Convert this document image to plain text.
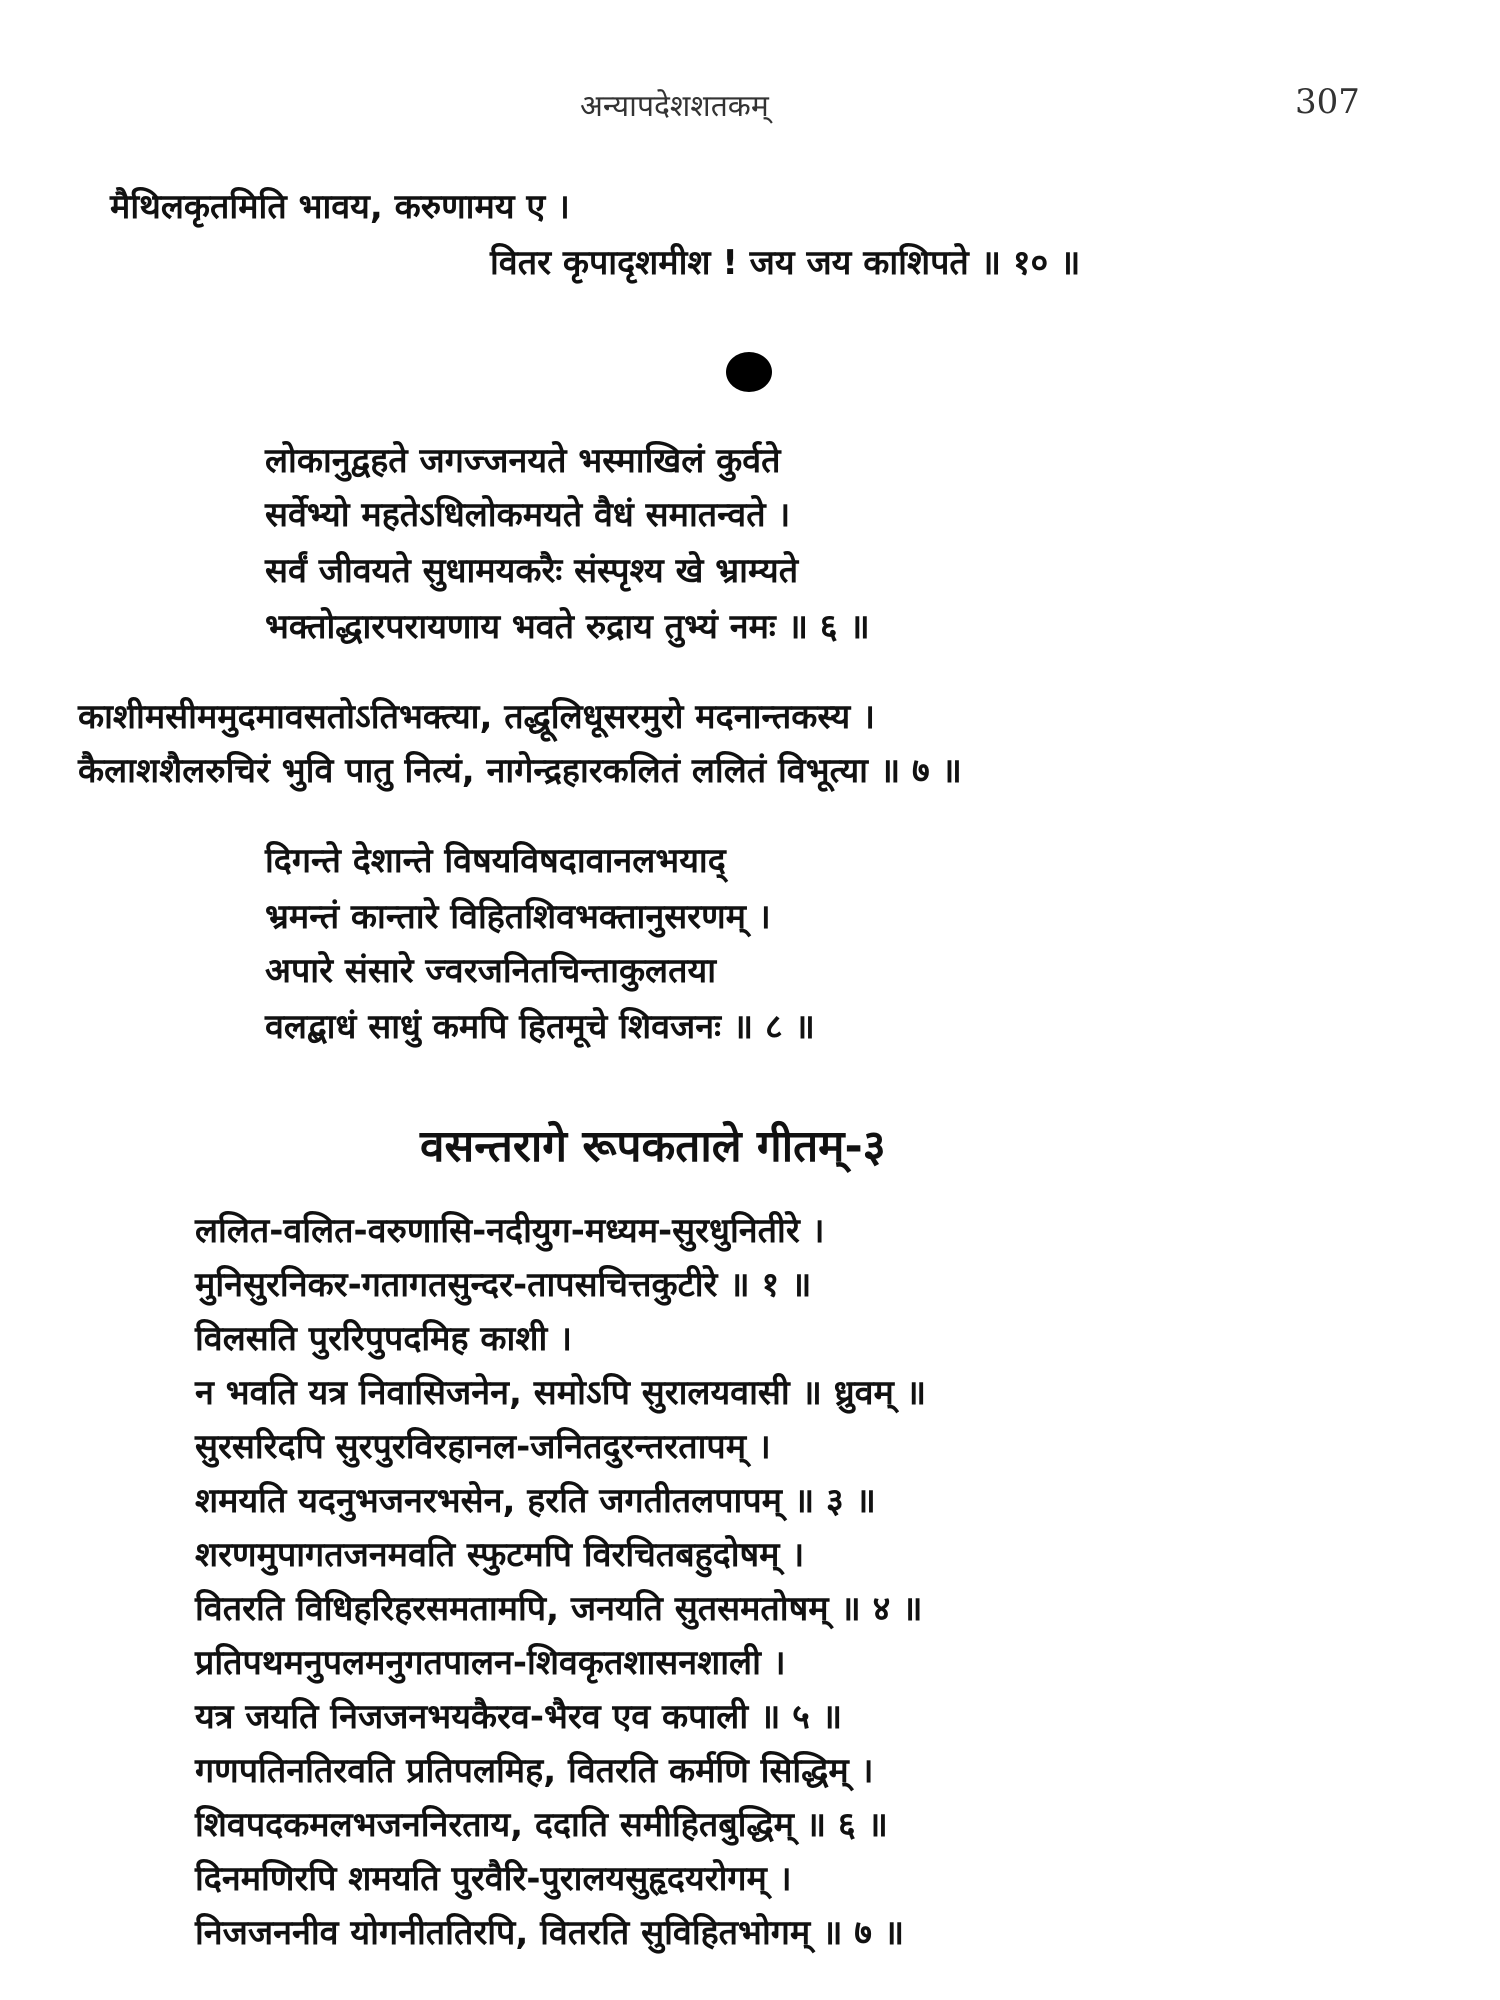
अन्यापदेशशतकम्	307
मैथिलकृतमिति भावय, करुणामय ए ।
वितर कृपादृशमीश ! जय जय काशिपते ॥ १० ॥
लोकानुद्वहते जगज्जनयते भस्माखिलं कुर्वते
सर्वेभ्यो महतेऽधिलोकमयते वैधं समातन्वते ।
सर्वं जीवयते सुधामयकरैः संस्पृश्य खे भ्राम्यते
भक्तोद्धारपरायणाय भवते रुद्राय तुभ्यं नमः ॥ ६ ॥
काशीमसीममुदमावसतोऽतिभक्त्या, तद्धूलिधूसरमुरो मदनान्तकस्य ।
कैलाशशैलरुचिरं भुवि पातु नित्यं, नागेन्द्रहारकलितं ललितं विभूत्या ॥ ७ ॥
दिगन्ते देशान्ते विषयविषदावानलभयाद्
भ्रमन्तं कान्तारे विहितशिवभक्तानुसरणम् ।
अपारे संसारे ज्वरजनितचिन्ताकुलतया
वलद्बाधं साधुं कमपि हितमूचे शिवजनः ॥ ८ ॥
वसन्तरागे रूपकताले गीतम्-३
ललित-वलित-वरुणासि-नदीयुग-मध्यम-सुरधुनितीरे ।
मुनिसुरनिकर-गतागतसुन्दर-तापसचित्तकुटीरे ॥ १ ॥
विलसति पुररिपुपदमिह काशी ।
न भवति यत्र निवासिजनेन, समोऽपि सुरालयवासी ॥ ध्रुवम् ॥
सुरसरिदपि सुरपुरविरहानल-जनितदुरन्तरतापम् ।
शमयति यदनुभजनरभसेन, हरति जगतीतलपापम् ॥ ३ ॥
शरणमुपागतजनमवति स्फुटमपि विरचितबहुदोषम् ।
वितरति विधिहरिहरसमतामपि, जनयति सुतसमतोषम् ॥ ४ ॥
प्रतिपथमनुपलमनुगतपालन-शिवकृतशासनशाली ।
यत्र जयति निजजनभयकैरव-भैरव एव कपाली ॥ ५ ॥
गणपतिनतिरवति प्रतिपलमिह, वितरति कर्मणि सिद्धिम् ।
शिवपदकमलभजननिरताय, ददाति समीहितबुद्धिम् ॥ ६ ॥
दिनमणिरपि शमयति पुरवैरि-पुरालयसुहृदयरोगम् ।
निजजननीव योगनीततिरपि, वितरति सुविहितभोगम् ॥ ७ ॥
